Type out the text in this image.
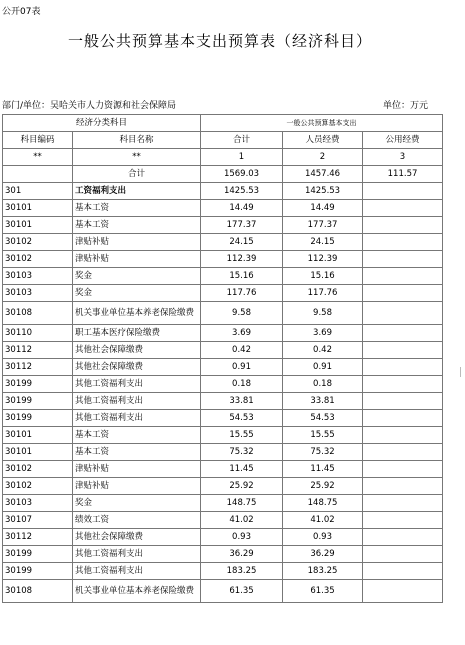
公开07表
一般公共预算基本支出预算表（经济科目）
部门/单位：吴哈关市人力资源和社会保障局	单位：万元
经济分类科目		一般公共预算基本支出		
科目编码	科目名称	合计	人员经费	公用经费
**	**	1	2	3
	合计	1569.03	1457.46	111.57
301	工资福利支出	1425.53	1425.53	
30101	基本工资	14.49	14.49	
30101	基本工资	177.37	177.37	
30102	津贴补贴	24.15	24.15	
30102	津贴补贴	112.39	112.39	
30103	奖金	15.16	15.16	
30103	奖金	117.76	117.76	
30108	机关事业单位基本养老保险缴费	9.58	9.58	
30110	职工基本医疗保险缴费	3.69	3.69	
30112	其他社会保障缴费	0.42	0.42	
30112	其他社会保障缴费	0.91	0.91	
30199	其他工资福利支出	0.18	0.18	
30199	其他工资福利支出	33.81	33.81	
30199	其他工资福利支出	54.53	54.53	
30101	基本工资	15.55	15.55	
30101	基本工资	75.32	75.32	
30102	津贴补贴	11.45	11.45	
30102	津贴补贴	25.92	25.92	
30103	奖金	148.75	148.75	
30107	绩效工资	41.02	41.02	
30112	其他社会保障缴费	0.93	0.93	
30199	其他工资福利支出	36.29	36.29	
30199	其他工资福利支出	183.25	183.25	
30108	机关事业单位基本养老保险缴费	61.35	61.35	
